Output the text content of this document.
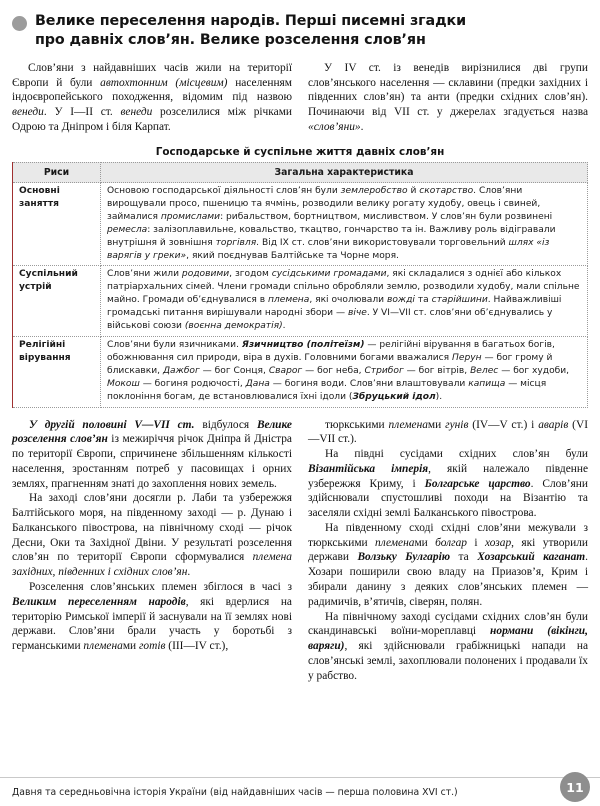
Велике переселення народів. Перші писемні згадки
про давніх слов’ян. Велике розселення слов’ян

Слов’яни з найдавніших часів жили на території Європи й були автохтонним (місцевим) населенням індоєвропейського походження, відомим під назвою венеди. У I—II ст. венеди розселилися між річками Одрою та Дніпром і біля Карпат.

У IV ст. із венедів вирізнилися дві групи слов’янського населення — склавини (предки західних і південних слов’ян) та анти (предки східних слов’ян). Починаючи від VII ст. у джерелах згадується назва «слов’яни».

Господарське й суспільне життя давніх слов’ян
Риси	Загальна характеристика
Основні заняття	Основою господарської діяльності слов’ян були землеробство й скотарство. Слов’яни вирощували просо, пшеницю та ячмінь, розводили велику рогату худобу, овець і свиней, займалися промислами: рибальством, бортництвом, мисливством. У слов’ян були розвинені ремесла: залізоплавильне, ковальство, ткацтво, гончарство та ін. Важливу роль відігравали внутрішня й зовнішня торгівля. Від IX ст. слов’яни використовували торговельний шлях «із варягів у греки», який поєднував Балтійське та Чорне моря.
Суспільний устрій	Слов’яни жили родовими, згодом сусідськими громадами, які складалися з однієї або кількох патріархальних сімей. Члени громади спільно обробляли землю, розводили худобу, мали спільне майно. Громади об’єднувалися в племена, які очолювали вожді та старійшини. Найважливіші громадські питання вирішували народні збори — віче. У VI—VII ст. слов’яни об’єднувались у військові союзи (воєнна демократія).
Релігійні вірування	Слов’яни були язичниками. Язичництво (політеїзм) — релігійні вірування в багатьох богів, обожнювання сил природи, віра в духів. Головними богами вважалися Перун — бог грому й блискавки, Дажбог — бог Сонця, Сварог — бог неба, Стрибог — бог вітрів, Велес — бог худоби, Мокош — богиня родючості, Дана — богиня води. Слов’яни влаштовували капища — місця поклоніння богам, де встановлювалися їхні ідоли (Збруцький ідол).

У другій половині V—VII ст. відбулося Велике розселення слов’ян із межиріччя річок Дніпра й Дністра по території Європи, спричинене збільшенням кількості населення, зростанням потреб у пасовищах і орних землях, прагненням знаті до захоплення нових земель.

На заході слов’яни досягли р. Лаби та узбережжя Балтійського моря, на південному заході — р. Дунаю і Балканського півострова, на північному сході — річок Десни, Оки та Західної Двіни. У результаті розселення слов’ян по території Європи сформувалися племена західних, південних і східних слов’ян.

Розселення слов’янських племен збіглося в часі з Великим переселенням народів, які вдерлися на територію Римської імперії й заснували на її землях нові держави. Слов’яни брали участь у боротьбі з германськими племенами готів (III—IV ст.),

тюркськими племенами гунів (IV—V ст.) і аварів (VI—VII ст.).

На півдні сусідами східних слов’ян були Візантійська імперія, якій належало південне узбережжя Криму, і Болгарське царство. Слов’яни здійснювали спустошливі походи на Візантію та заселяли східні землі Балканського півострова.

На південному сході східні слов’яни межували з тюркськими племенами болгар і хозар, які утворили держави Волзьку Булгарію та Хозарський каганат. Хозари поширили свою владу на Приазов’я, Крим і збирали данину з деяких слов’янських племен — радимичів, в’ятичів, сіверян, полян.

На північному заході сусідами східних слов’ян були скандинавські воїни-мореплавці нормани (вікінги, варяги), які здійснювали грабіжницькі напади на слов’янські землі, захоплювали полонених і продавали їх у рабство.

Давня та середньовічна історія України (від найдавніших часів — перша половина XVI ст.)	11
